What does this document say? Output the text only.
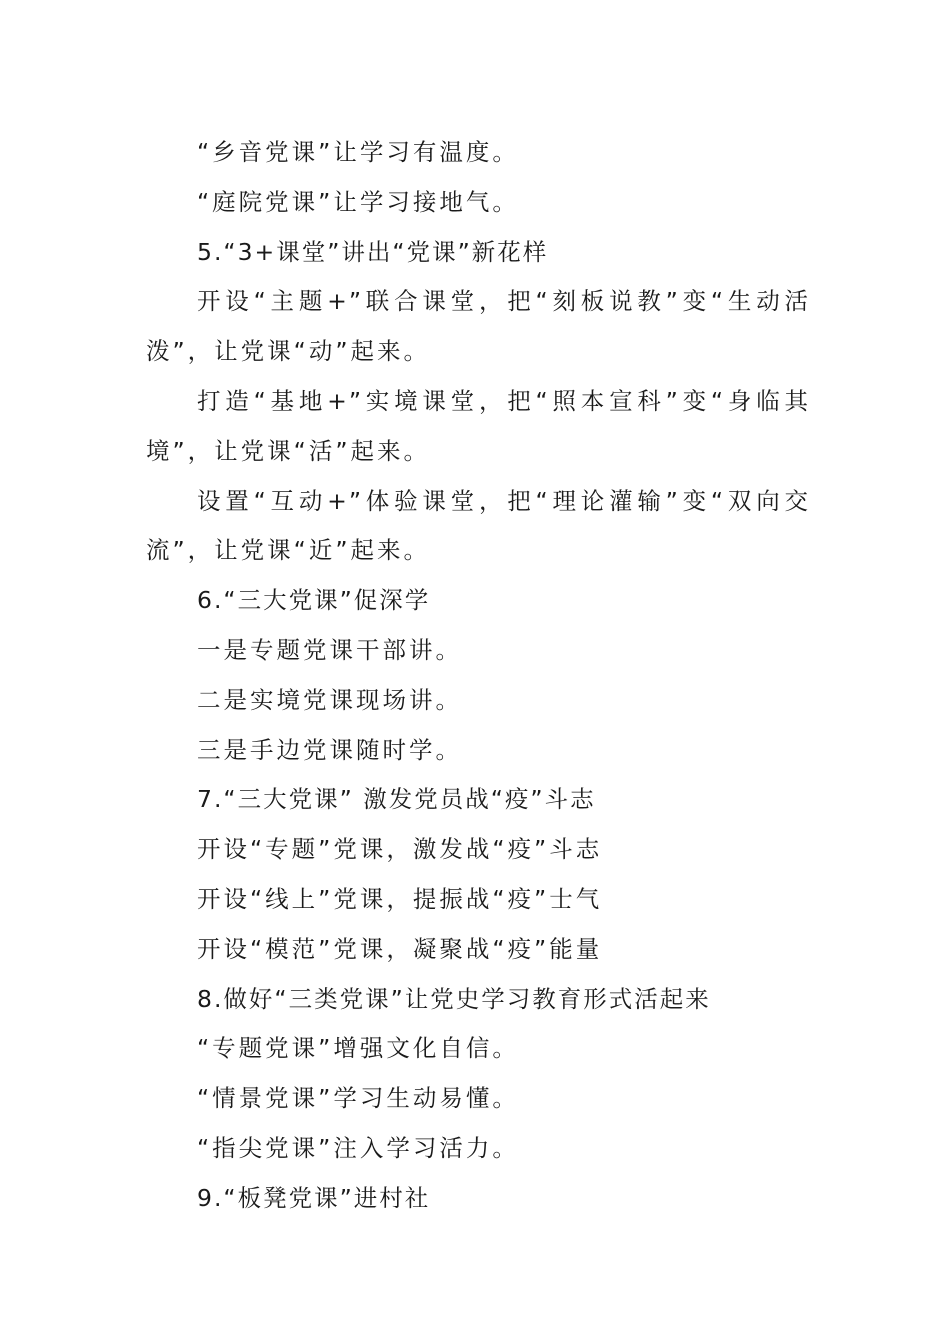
“乡音党课”让学习有温度。
“庭院党课”让学习接地气。
5.“3+课堂”讲出“党课”新花样
开设“主题+”联合课堂，把“刻板说教”变“生动活
泼”，让党课“动”起来。
打造“基地+”实境课堂，把“照本宣科”变“身临其
境”，让党课“活”起来。
设置“互动+”体验课堂，把“理论灌输”变“双向交
流”，让党课“近”起来。
6.“三大党课”促深学
一是专题党课干部讲。
二是实境党课现场讲。
三是手边党课随时学。
7.“三大党课” 激发党员战“疫”斗志
开设“专题”党课，激发战“疫”斗志
开设“线上”党课，提振战“疫”士气
开设“模范”党课，凝聚战“疫”能量
8.做好“三类党课”让党史学习教育形式活起来
“专题党课”增强文化自信。
“情景党课”学习生动易懂。
“指尖党课”注入学习活力。
9.“板凳党课”进村社
